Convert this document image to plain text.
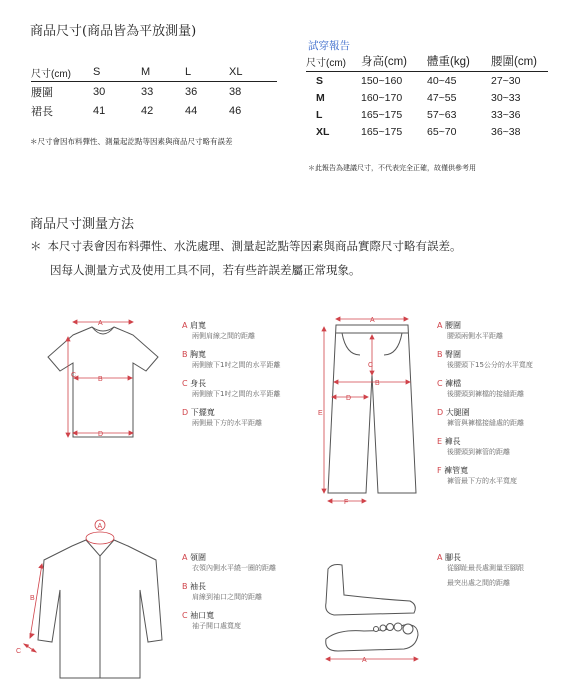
商品尺寸(商品皆為平放測量)
尺寸(cm)	S	M	L	XL
腰圍	30	33	36	38
裙長	41	42	44	46
＊尺寸會因布料彈性、測量起訖點等因素與商品尺寸略有誤差
試穿報告
尺寸(cm)	身高(cm)	體重(kg)	腰圍(cm)
S	150~160	40~45	27~30
M	160~170	47~55	30~33
L	165~175	57~63	33~36
XL	165~175	65~70	36~38
＊此報告為建議尺寸，不代表完全正確，故僅供參考用
商品尺寸測量方法
＊ 本尺寸表會因布料彈性、水洗處理、測量起訖點等因素與商品實際尺寸略有誤差。
因每人測量方式及使用工具不同，若有些許誤差屬正常現象。
A
B
C
D
A 肩寬
兩側肩線之間的距離
B 胸寬
兩側腋下1吋之間的水平距離
C 身長
兩側腋下1吋之間的水平距離
D 下擺寬
兩側最下方的水平距離
A
B
C
D
E
F
A 腰圍
腰頭兩側水平距離
B 臀圍
後腰頭下15公分的水平寬度
C 褲檔
後腰頭到褲檔的接縫距離
D 大腿圍
褲管與褲檔接縫處的距離
E 褲長
後腰頭到褲管的距離
F 褲管寬
褲管最下方的水平寬度
A
B
C
A 領圍
衣領內側水平繞一圈的距離
B 袖長
肩線到袖口之間的距離
C 袖口寬
袖子開口處寬度
A
A 腳長
從腳趾最長處測量至腳跟
最突出處之間的距離
